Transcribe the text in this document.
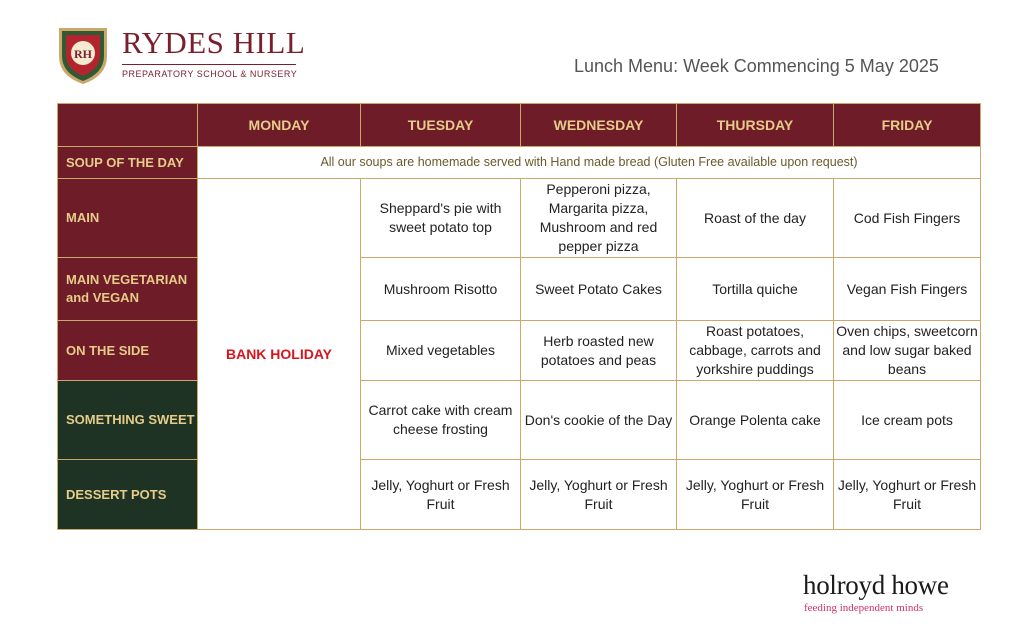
RH RYDES HILL
PREPARATORY SCHOOL & NURSERY	Lunch Menu: Week Commencing 5 May 2025
	MONDAY	TUESDAY	WEDNESDAY	THURSDAY	FRIDAY
SOUP OF THE DAY	All our soups are homemade served with Hand made bread (Gluten Free available upon request)				
MAIN	BANK HOLIDAY	Sheppard's pie with sweet potato top	Pepperoni pizza, Margarita pizza, Mushroom and red pepper pizza	Roast of the day	Cod Fish Fingers
MAIN VEGETARIAN and VEGAN		Mushroom Risotto	Sweet Potato Cakes	Tortilla quiche	Vegan Fish Fingers
ON THE SIDE		Mixed vegetables	Herb roasted new potatoes and peas	Roast potatoes, cabbage, carrots and yorkshire puddings	Oven chips, sweetcorn and low sugar baked beans
SOMETHING SWEET		Carrot cake with cream cheese frosting	Don's cookie of the Day	Orange Polenta cake	Ice cream pots
DESSERT POTS		Jelly, Yoghurt or Fresh Fruit	Jelly, Yoghurt or Fresh Fruit	Jelly, Yoghurt or Fresh Fruit	Jelly, Yoghurt or Fresh Fruit
holroyd howe
feeding independent minds
